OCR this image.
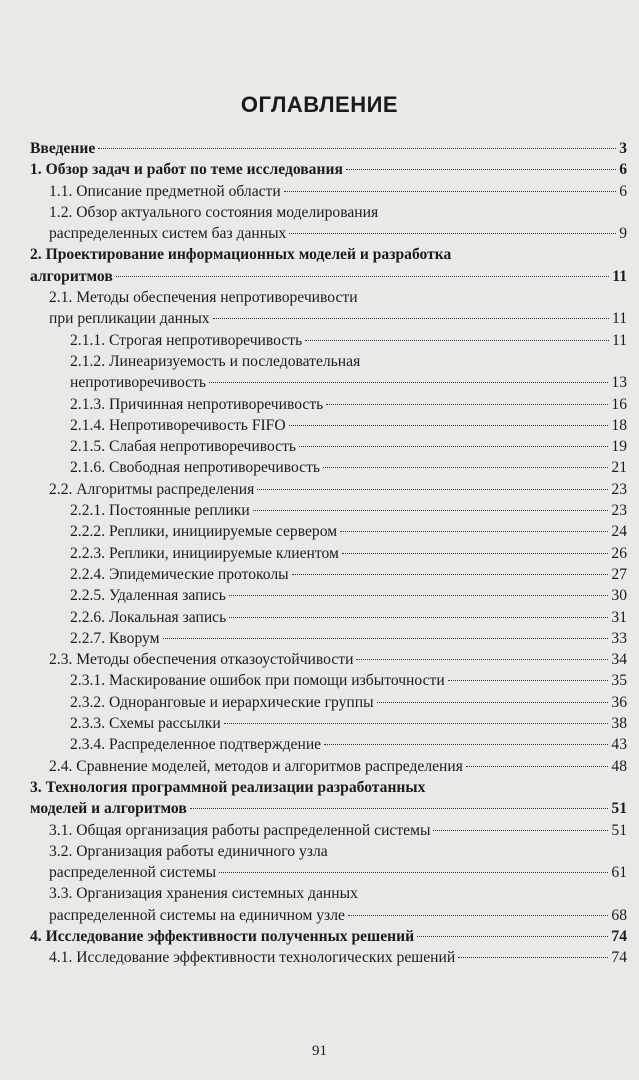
ОГЛАВЛЕНИЕ
Введение	3
1. Обзор задач и работ по теме исследования	6
1.1. Описание предметной области	6
1.2. Обзор актуального состояния моделирования
распределенных систем баз данных	9
2. Проектирование информационных моделей и разработка
алгоритмов	11
2.1. Методы обеспечения непротиворечивости
при репликации данных	11
2.1.1. Строгая непротиворечивость	11
2.1.2. Линеаризуемость и последовательная
непротиворечивость	13
2.1.3. Причинная непротиворечивость	16
2.1.4. Непротиворечивость FIFO	18
2.1.5. Слабая непротиворечивость	19
2.1.6. Свободная непротиворечивость	21
2.2. Алгоритмы распределения	23
2.2.1. Постоянные реплики	23
2.2.2. Реплики, инициируемые сервером	24
2.2.3. Реплики, инициируемые клиентом	26
2.2.4. Эпидемические протоколы	27
2.2.5. Удаленная запись	30
2.2.6. Локальная запись	31
2.2.7. Кворум	33
2.3. Методы обеспечения отказоустойчивости	34
2.3.1. Маскирование ошибок при помощи избыточности	35
2.3.2. Одноранговые и иерархические группы	36
2.3.3. Схемы рассылки	38
2.3.4. Распределенное подтверждение	43
2.4. Сравнение моделей, методов и алгоритмов распределения	48
3. Технология программной реализации разработанных
моделей и алгоритмов	51
3.1. Общая организация работы распределенной системы	51
3.2. Организация работы единичного узла
распределенной системы	61
3.3. Организация хранения системных данных
распределенной системы на единичном узле	68
4. Исследование эффективности полученных решений	74
4.1. Исследование эффективности технологических решений	74
91
